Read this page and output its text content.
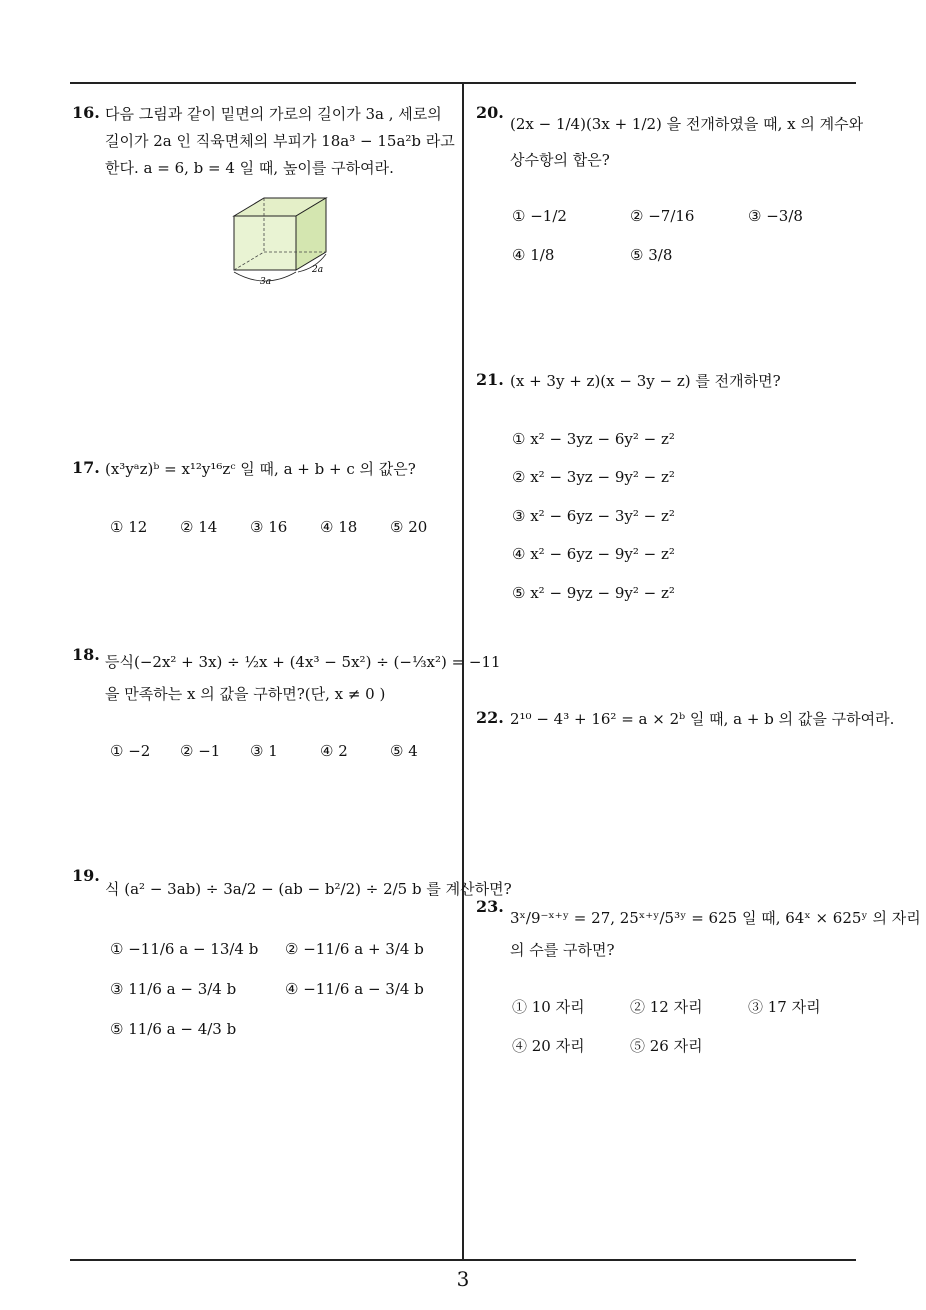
16. 다음 그림과 같이 밑면의 가로의 길이가 3a , 세로의
길이가 2a 인 직육면체의 부피가 18a³ − 15a²b 라고
한다. a = 6, b = 4 일 때, 높이를 구하여라.
3a
2a
17. (x³yᵃz)ᵇ = x¹²y¹⁶zᶜ 일 때, a + b + c 의 값은?
① 12 ② 14 ③ 16 ④ 18 ⑤ 20
18. 등식(−2x² + 3x) ÷ ½x + (4x³ − 5x²) ÷ (−⅓x²) = −11
을 만족하는 x 의 값을 구하면?(단, x ≠ 0 )
① −2 ② −1 ③ 1	④ 2	⑤ 4
19.
식 (a² − 3ab) ÷ 3a/2 − (ab − b²/2) ÷ 2/5 b 를 계산하면?
① −11/6 a − 13/4 b ② −11/6 a + 3/4 b
③ 11/6 a − 3/4 b	④ −11/6 a − 3/4 b
⑤ 11/6 a − 4/3 b
20.
(2x − 1/4)(3x + 1/2) 을 전개하였을 때, x 의 계수와
상수항의 합은?
① −1/2	② −7/16	③ −3/8
④ 1/8	⑤ 3/8
21. (x + 3y + z)(x − 3y − z) 를 전개하면?
① x² − 3yz − 6y² − z²
② x² − 3yz − 9y² − z²
③ x² − 6yz − 3y² − z²
④ x² − 6yz − 9y² − z²
⑤ x² − 9yz − 9y² − z²
22. 2¹⁰ − 4³ + 16² = a × 2ᵇ 일 때, a + b 의 값을 구하여라.
23.
3ˣ/9⁻ˣ⁺ʸ = 27, 25ˣ⁺ʸ/5³ʸ = 625 일 때, 64ˣ × 625ʸ 의 자리
의 수를 구하면?
① 10 자리	② 12 자리	③ 17 자리
④ 20 자리	⑤ 26 자리
3
